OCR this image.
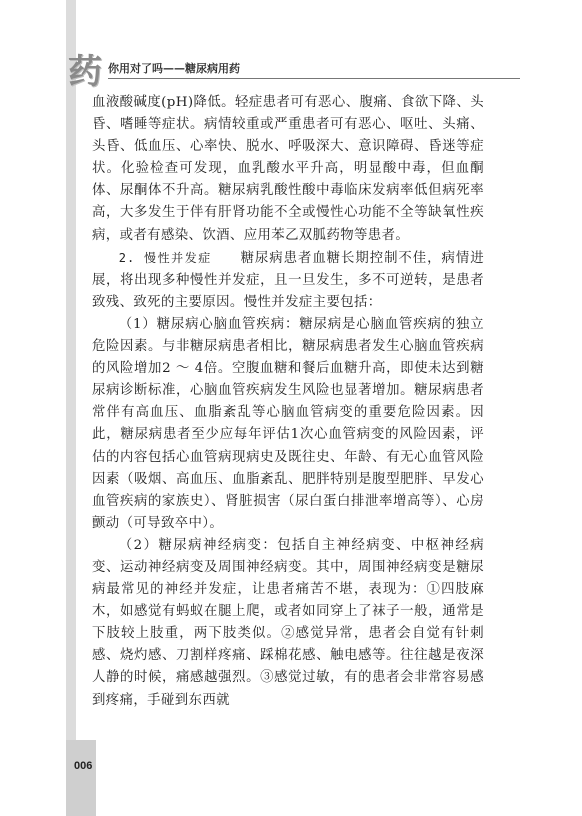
药 你用对了吗——糖尿病用药

血液酸碱度(pH)降低。轻症患者可有恶心、腹痛、食欲下降、头昏、嗜睡等症状。病情较重或严重患者可有恶心、呕吐、头痛、头昏、低血压、心率快、脱水、呼吸深大、意识障碍、昏迷等症状。化验检查可发现，血乳酸水平升高，明显酸中毒，但血酮体、尿酮体不升高。糖尿病乳酸性酸中毒临床发病率低但病死率高，大多发生于伴有肝肾功能不全或慢性心功能不全等缺氧性疾病，或者有感染、饮酒、应用苯乙双胍药物等患者。

2. 慢性并发症　　 糖尿病患者血糖长期控制不佳，病情进展，将出现多种慢性并发症，且一旦发生，多不可逆转，是患者致残、致死的主要原因。慢性并发症主要包括：

（1）糖尿病心脑血管疾病：糖尿病是心脑血管疾病的独立危险因素。与非糖尿病患者相比，糖尿病患者发生心脑血管疾病的风险增加2 ～ 4倍。空腹血糖和餐后血糖升高，即使未达到糖尿病诊断标准，心脑血管疾病发生风险也显著增加。糖尿病患者常伴有高血压、血脂紊乱等心脑血管病变的重要危险因素。因此，糖尿病患者至少应每年评估1次心血管病变的风险因素，评估的内容包括心血管病现病史及既往史、年龄、有无心血管风险因素（吸烟、高血压、血脂紊乱、肥胖特别是腹型肥胖、早发心血管疾病的家族史）、肾脏损害（尿白蛋白排泄率增高等）、心房颤动（可导致卒中）。

（2）糖尿病神经病变：包括自主神经病变、中枢神经病变、运动神经病变及周围神经病变。其中，周围神经病变是糖尿病最常见的神经并发症，让患者痛苦不堪，表现为：①四肢麻木，如感觉有蚂蚁在腿上爬，或者如同穿上了袜子一般，通常是下肢较上肢重，两下肢类似。②感觉异常，患者会自觉有针刺感、烧灼感、刀割样疼痛、踩棉花感、触电感等。往往越是夜深人静的时候，痛感越强烈。③感觉过敏，有的患者会非常容易感到疼痛，手碰到东西就

006
